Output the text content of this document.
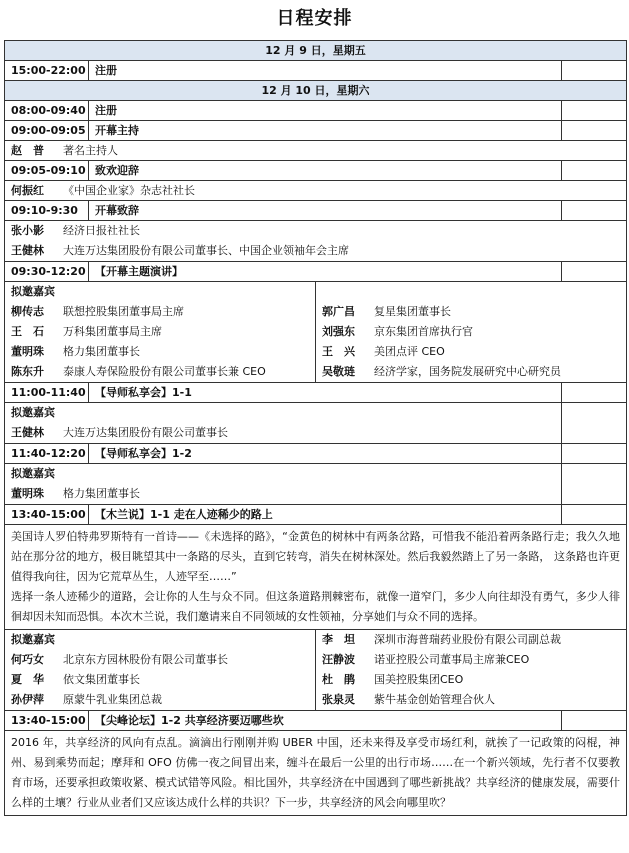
日程安排
12 月 9 日，星期五
15:00-22:00 注册
12 月 10 日，星期六
08:00-09:40 注册
09:00-09:05 开幕主持
赵　普 著名主持人
09:05-09:10 致欢迎辞
何振红 《中国企业家》杂志社社长
09:10-9:30	开幕致辞
张小影 经济日报社社长
王健林 大连万达集团股份有限公司董事长、中国企业领袖年会主席
09:30-12:20 【开幕主题演讲】
拟邀嘉宾
柳传志 联想控股集团董事局主席
王　石 万科集团董事局主席
董明珠 格力集团董事长
陈东升 泰康人寿保险股份有限公司董事长兼 CEO
郭广昌 复星集团董事长
刘强东 京东集团首席执行官
王　兴 美团点评 CEO
吴敬琏 经济学家，国务院发展研究中心研究员
11:00-11:40 【导师私享会】1-1
拟邀嘉宾
王健林 大连万达集团股份有限公司董事长
11:40-12:20 【导师私享会】1-2
拟邀嘉宾
董明珠 格力集团董事长
13:40-15:00 【木兰说】1-1 走在人迹稀少的路上
美国诗人罗伯特弗罗斯特有一首诗——《未选择的路》，“金黄色的树林中有两条岔路，可惜我不能沿着两条路行走；我久久地站在那分岔的地方，极目眺望其中一条路的尽头，直到它转弯，消失在树林深处。然后我毅然踏上了另一条路， 这条路也许更值得我向往，因为它荒草丛生，人迹罕至……”
选择一条人迹稀少的道路，会让你的人生与众不同。但这条道路荆棘密布，就像一道窄门，多少人向往却没有勇气，多少人徘徊却因未知而恐惧。本次木兰说，我们邀请来自不同领域的女性领袖，分享她们与众不同的选择。
拟邀嘉宾
何巧女 北京东方园林股份有限公司董事长
夏　华 依文集团董事长
孙伊萍 原蒙牛乳业集团总裁
李　坦 深圳市海普瑞药业股份有限公司副总裁
汪静波 诺亚控股公司董事局主席兼CEO
杜　鹃 国美控股集团CEO
张泉灵 紫牛基金创始管理合伙人
13:40-15:00 【尖峰论坛】1-2 共享经济要迈哪些坎
2016 年，共享经济的风向有点乱。滴滴出行刚刚并购 UBER 中国，还未来得及享受市场红利，就挨了一记政策的闷棍，神州、易到乘势而起；摩拜和 OFO 仿佛一夜之间冒出来，缠斗在最后一公里的出行市场……在一个新兴领域，先行者不仅要教育市场，还要承担政策收紧、模式试错等风险。相比国外，共享经济在中国遇到了哪些新挑战？共享经济的健康发展，需要什么样的土壤？行业从业者们又应该达成什么样的共识？下一步，共享经济的风会向哪里吹？
